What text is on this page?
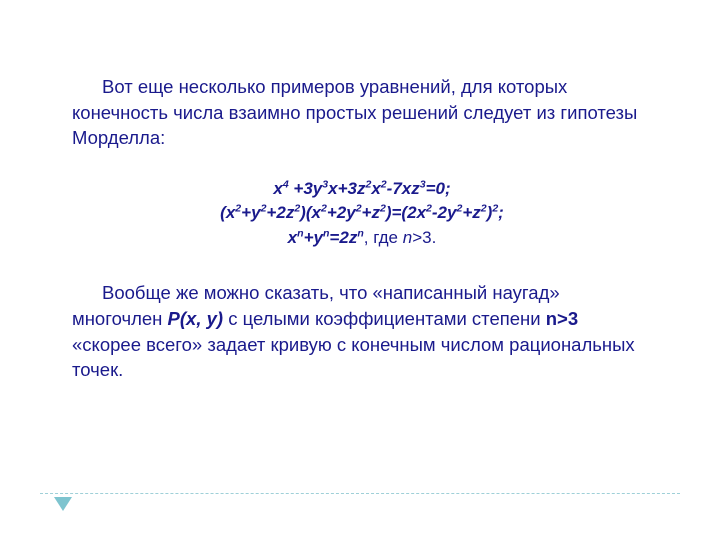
Вот еще несколько примеров уравнений, для которых конечность числа взаимно простых решений следует из гипотезы Морделла:

$x^4 +3y^3x+3z^2x^2-7xz^3=0$;
$(x^2+y^2+2z^2)(x^2+2y^2+z^2)=(2x^2-2y^2+z^2)^2$;
$x^n+y^n=2z^n$, где n>3.

Вообще же можно сказать, что «написанный наугад» многочлен P(x, y) с целыми коэффициентами степени n>3 «скорее всего» задает кривую с конечным числом рациональных точек.
